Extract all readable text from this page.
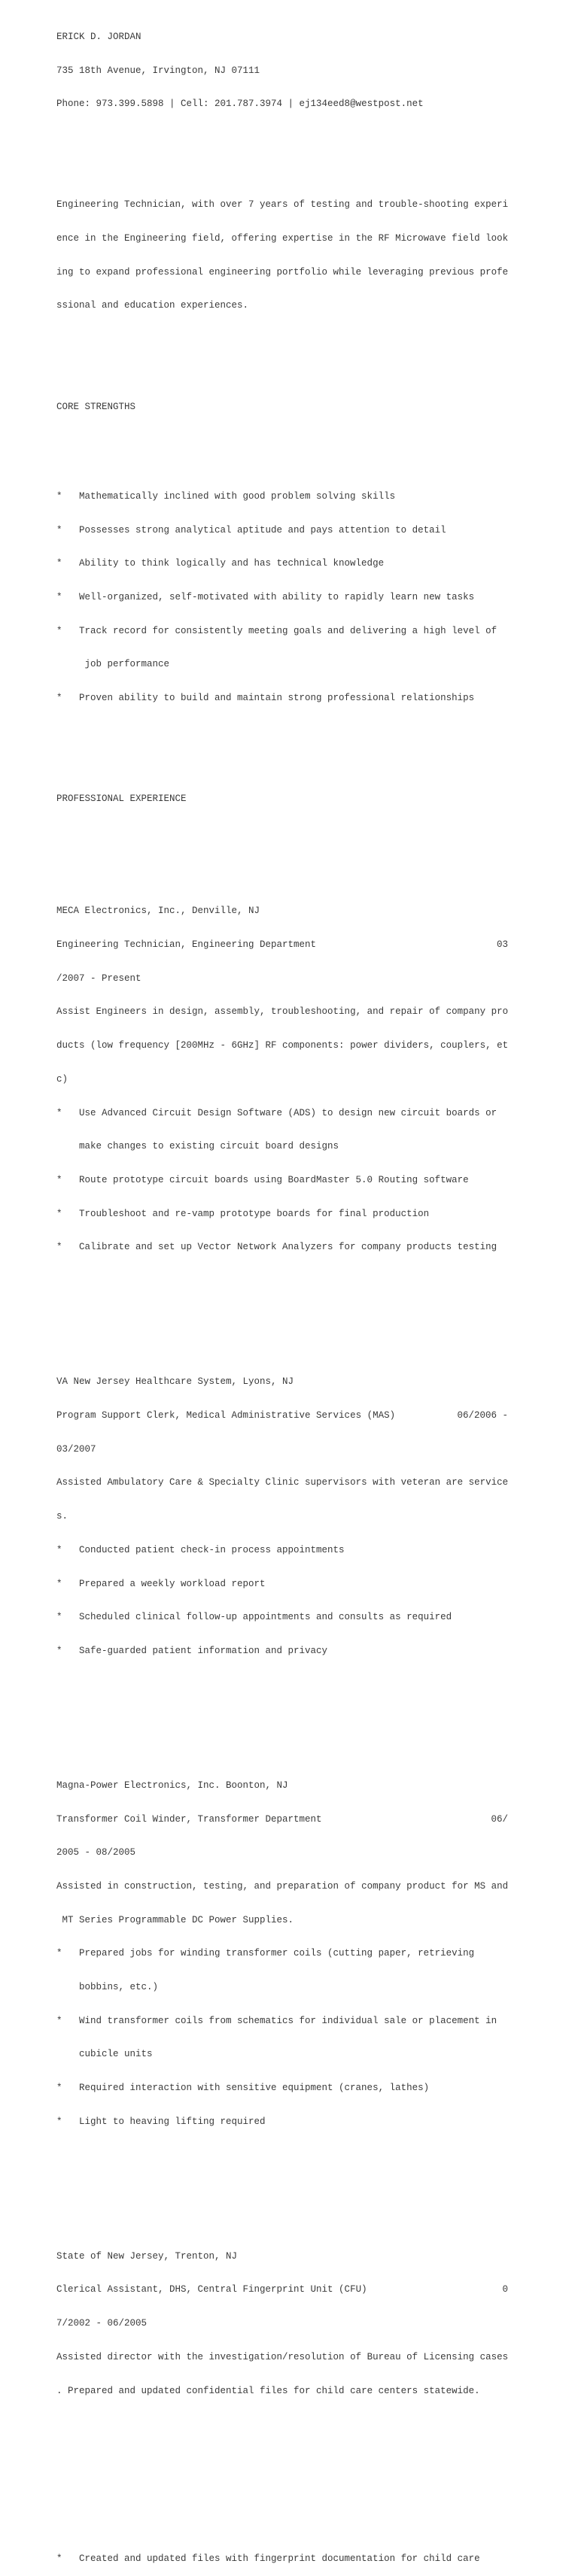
ERICK D. JORDAN

735 18th Avenue, Irvington, NJ 07111

Phone: 973.399.5898 | Cell: 201.787.3974 | ej134eed8@westpost.net

Engineering Technician, with over 7 years of testing and trouble-shooting experi

ence in the Engineering field, offering expertise in the RF Microwave field look

ing to expand professional engineering portfolio while leveraging previous profe

ssional and education experiences.

CORE STRENGTHS

*	Mathematically inclined with good problem solving skills

*	Possesses strong analytical aptitude and pays attention to detail

*	Ability to think logically and has technical knowledge

*	Well-organized, self-motivated with ability to rapidly learn new tasks

*	Track record for consistently meeting goals and delivering a high level of

job performance

*	Proven ability to build and maintain strong professional relationships

PROFESSIONAL EXPERIENCE

MECA Electronics, Inc., Denville, NJ

Engineering Technician, Engineering Department	03

/2007 - Present

Assist Engineers in design, assembly, troubleshooting, and repair of company pro

ducts (low frequency [200MHz - 6GHz] RF components: power dividers, couplers, et

c)

*	Use Advanced Circuit Design Software (ADS) to design new circuit boards or

make changes to existing circuit board designs

*	Route prototype circuit boards using BoardMaster 5.0 Routing software

*	Troubleshoot and re-vamp prototype boards for final production

*	Calibrate and set up Vector Network Analyzers for company products testing

VA New Jersey Healthcare System, Lyons, NJ

Program Support Clerk, Medical Administrative Services (MAS)	06/2006 -

03/2007

Assisted Ambulatory Care & Specialty Clinic supervisors with veteran are service

s.

*	Conducted patient check-in process appointments

*	Prepared a weekly workload report

*	Scheduled clinical follow-up appointments and consults as required

*	Safe-guarded patient information and privacy

Magna-Power Electronics, Inc. Boonton, NJ

Transformer Coil Winder, Transformer Department	06/

2005 - 08/2005

Assisted in construction, testing, and preparation of company product for MS and

MT Series Programmable DC Power Supplies.

*	Prepared jobs for winding transformer coils (cutting paper, retrieving

bobbins, etc.)

*	Wind transformer coils from schematics for individual sale or placement in

cubicle units

*	Required interaction with sensitive equipment (cranes, lathes)

*	Light to heaving lifting required

State of New Jersey, Trenton, NJ

Clerical Assistant, DHS, Central Fingerprint Unit (CFU)	0

7/2002 - 06/2005

Assisted director with the investigation/resolution of Bureau of Licensing cases

. Prepared and updated confidential files for child care centers statewide.

*	Created and updated files with fingerprint documentation for child care
